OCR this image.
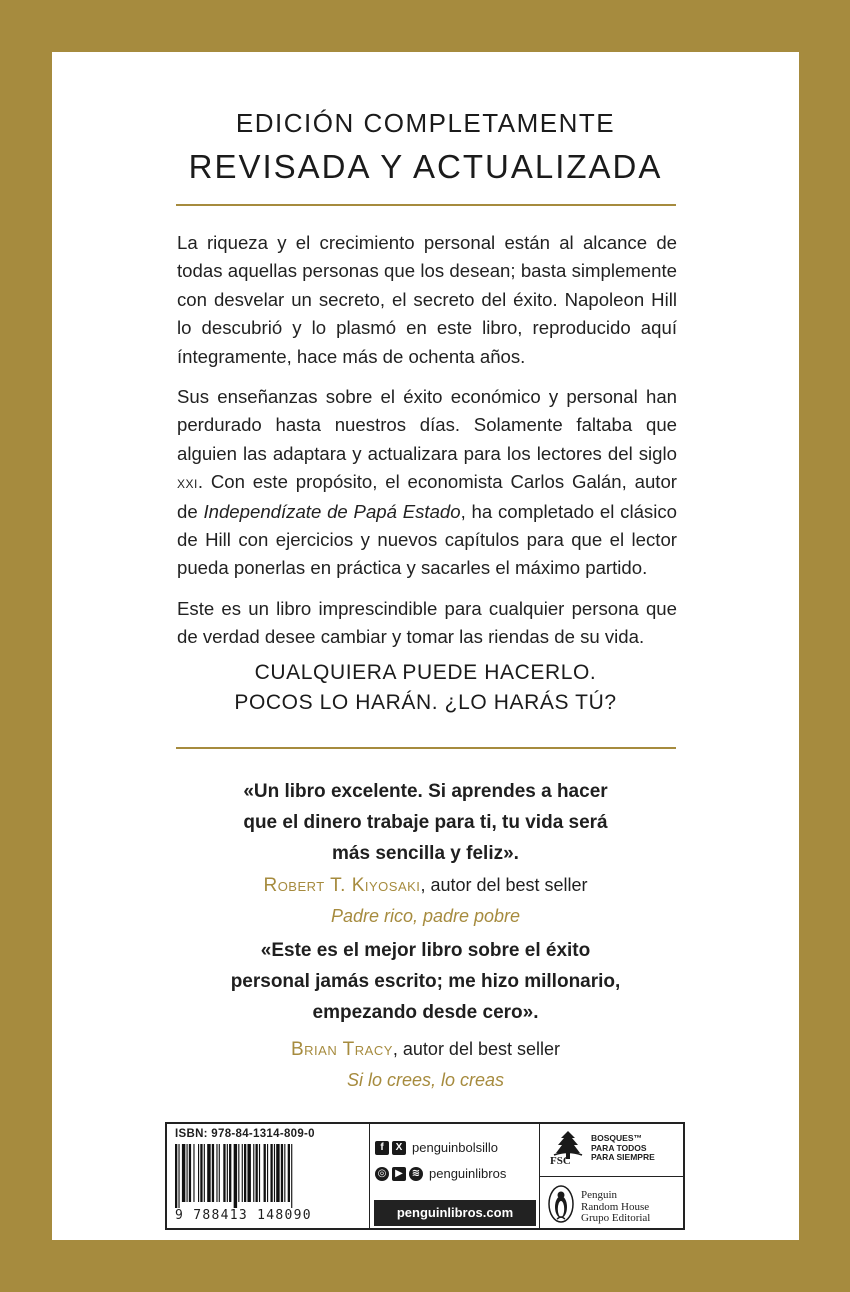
EDICIÓN COMPLETAMENTE
REVISADA Y ACTUALIZADA

La riqueza y el crecimiento personal están al alcance de todas aquellas personas que los desean; basta simplemente con desvelar un secreto, el secreto del éxito. Napoleon Hill lo descubrió y lo plasmó en este libro, reproducido aquí íntegramente, hace más de ochenta años.

Sus enseñanzas sobre el éxito económico y personal han perdurado hasta nuestros días. Solamente faltaba que alguien las adaptara y actualizara para los lectores del siglo xxi. Con este propósito, el economista Carlos Galán, autor de Independízate de Papá Estado, ha completado el clásico de Hill con ejercicios y nuevos capítulos para que el lector pueda ponerlas en práctica y sacarles el máximo partido.

Este es un libro imprescindible para cualquier persona que de verdad desee cambiar y tomar las riendas de su vida.

CUALQUIERA PUEDE HACERLO.
POCOS LO HARÁN. ¿LO HARÁS TÚ?
«Un libro excelente. Si aprendes a hacer
que el dinero trabaje para ti, tu vida será
más sencilla y feliz».
Robert T. Kiyosaki, autor del best seller
Padre rico, padre pobre
«Este es el mejor libro sobre el éxito
personal jamás escrito; me hizo millonario,
empezando desde cero».
Brian Tracy, autor del best seller
Si lo crees, lo creas
ISBN: 978-84-1314-809-0
9 788413 148090
f	X penguinbolsillo
◎ ▶ ≋ penguinlibros
penguinlibros.com
FSC
BOSQUES™
PARA TODOS
PARA SIEMPRE
Penguin
Random House
Grupo Editorial
